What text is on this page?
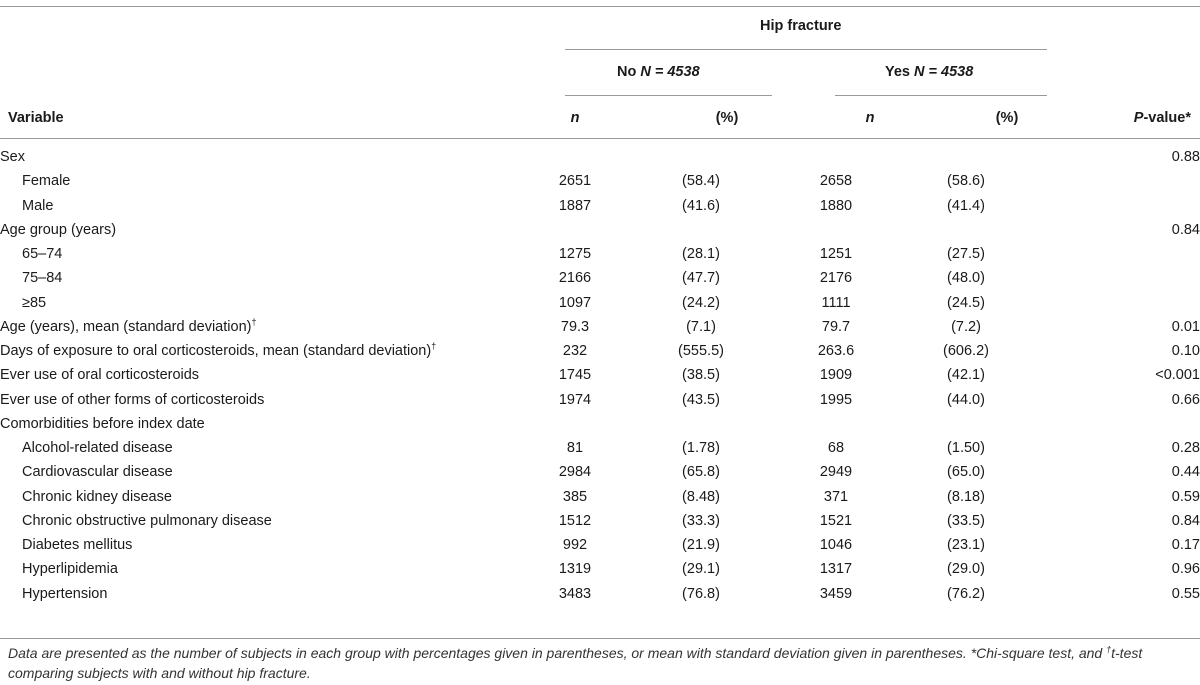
Hip fracture
No N = 4538	Yes N = 4538
Variable	n	(%)	n	(%)	P-value*
Sex					0.88
Female	2651	(58.4)	2658	(58.6)	
Male	1887	(41.6)	1880	(41.4)	
Age group (years)					0.84
65–74	1275	(28.1)	1251	(27.5)	
75–84	2166	(47.7)	2176	(48.0)	
≥85	1097	(24.2)	1111	(24.5)	
Age (years), mean (standard deviation)†	79.3	(7.1)	79.7	(7.2)	0.01
Days of exposure to oral corticosteroids, mean (standard deviation)†	232	(555.5)	263.6	(606.2)	0.10
Ever use of oral corticosteroids	1745	(38.5)	1909	(42.1)	<0.001
Ever use of other forms of corticosteroids	1974	(43.5)	1995	(44.0)	0.66
Comorbidities before index date					
Alcohol-related disease	81	(1.78)	68	(1.50)	0.28
Cardiovascular disease	2984	(65.8)	2949	(65.0)	0.44
Chronic kidney disease	385	(8.48)	371	(8.18)	0.59
Chronic obstructive pulmonary disease	1512	(33.3)	1521	(33.5)	0.84
Diabetes mellitus	992	(21.9)	1046	(23.1)	0.17
Hyperlipidemia	1319	(29.1)	1317	(29.0)	0.96
Hypertension	3483	(76.8)	3459	(76.2)	0.55
Data are presented as the number of subjects in each group with percentages given in parentheses, or mean with standard deviation given in parentheses. *Chi-square test, and †t-test comparing subjects with and without hip fracture.
